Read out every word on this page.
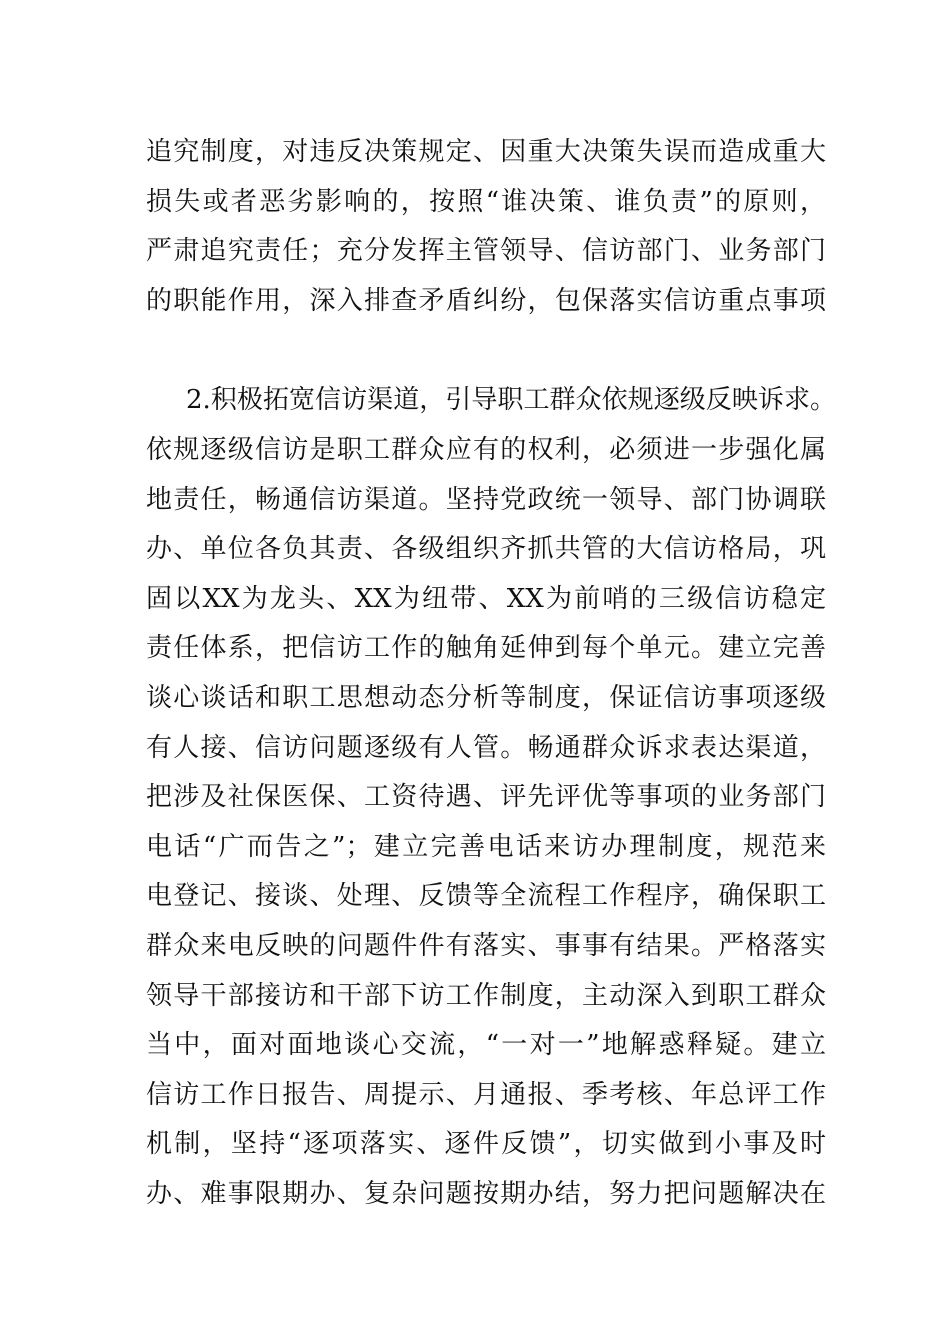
追究制度，对违反决策规定、因重大决策失误而造成重大
损失或者恶劣影响的，按照“谁决策、谁负责”的原则，
严肃追究责任；充分发挥主管领导、信访部门、业务部门
的职能作用，深入排查矛盾纠纷，包保落实信访重点事项
2.积极拓宽信访渠道，引导职工群众依规逐级反映诉求。
依规逐级信访是职工群众应有的权利，必须进一步强化属
地责任，畅通信访渠道。坚持党政统一领导、部门协调联
办、单位各负其责、各级组织齐抓共管的大信访格局，巩
固以XX为龙头、XX为纽带、XX为前哨的三级信访稳定
责任体系，把信访工作的触角延伸到每个单元。建立完善
谈心谈话和职工思想动态分析等制度，保证信访事项逐级
有人接、信访问题逐级有人管。畅通群众诉求表达渠道，
把涉及社保医保、工资待遇、评先评优等事项的业务部门
电话“广而告之”；建立完善电话来访办理制度，规范来
电登记、接谈、处理、反馈等全流程工作程序，确保职工
群众来电反映的问题件件有落实、事事有结果。严格落实
领导干部接访和干部下访工作制度，主动深入到职工群众
当中，面对面地谈心交流，“一对一”地解惑释疑。建立
信访工作日报告、周提示、月通报、季考核、年总评工作
机制，坚持“逐项落实、逐件反馈”，切实做到小事及时
办、难事限期办、复杂问题按期办结，努力把问题解决在
